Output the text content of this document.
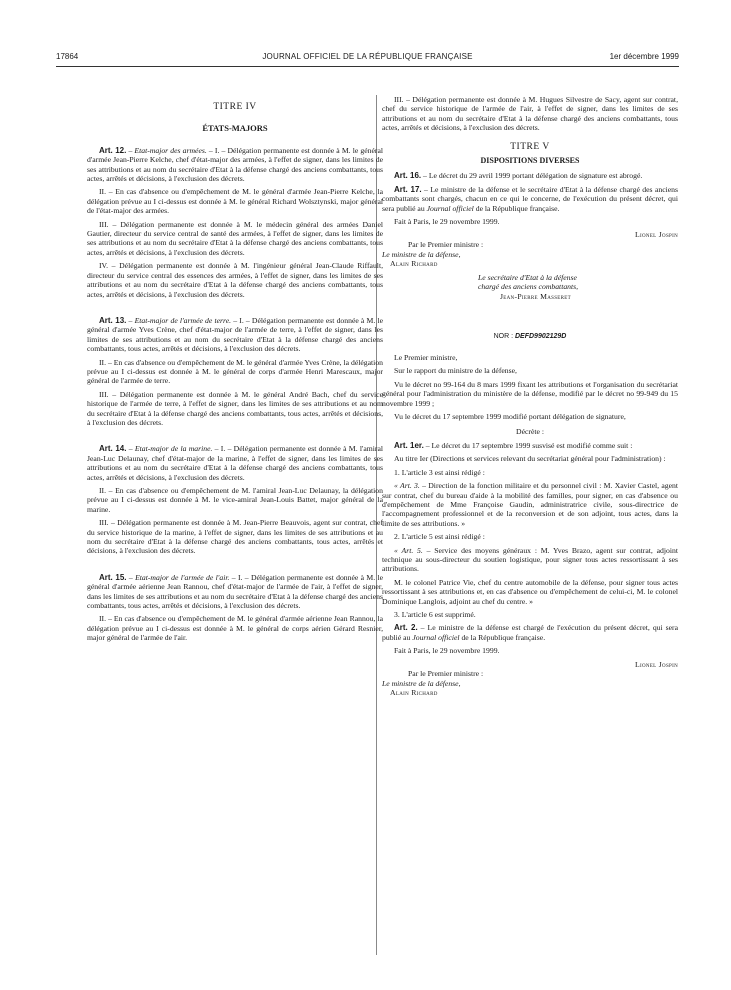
17864	JOURNAL OFFICIEL DE LA RÉPUBLIQUE FRANÇAISE	1er décembre 1999
TITRE IV
ÉTATS-MAJORS

Art. 12. – Etat-major des armées. – I. – Délégation permanente est donnée à M. le général d'armée Jean-Pierre Kelche, chef d'état-major des armées, à l'effet de signer, dans les limites de ses attributions et au nom du secrétaire d'Etat à la défense chargé des anciens combattants, tous actes, arrêtés et décisions, à l'exclusion des décrets.

II. – En cas d'absence ou d'empêchement de M. le général d'armée Jean-Pierre Kelche, la délégation prévue au I ci-dessus est donnée à M. le général Richard Wolsztynski, major général de l'état-major des armées.

III. – Délégation permanente est donnée à M. le médecin général des armées Daniel Gautier, directeur du service central de santé des armées, à l'effet de signer, dans les limites de ses attributions et au nom du secrétaire d'Etat à la défense chargé des anciens combattants, tous actes, arrêtés et décisions, à l'exclusion des décrets.

IV. – Délégation permanente est donnée à M. l'ingénieur général Jean-Claude Riffault, directeur du service central des essences des armées, à l'effet de signer, dans les limites de ses attributions et au nom du secrétaire d'Etat à la défense chargé des anciens combattants, tous actes, arrêtés et décisions, à l'exclusion des décrets.

Art. 13. – Etat-major de l'armée de terre. – I. – Délégation permanente est donnée à M. le général d'armée Yves Crène, chef d'état-major de l'armée de terre, à l'effet de signer, dans les limites de ses attributions et au nom du secrétaire d'Etat à la défense chargé des anciens combattants, tous actes, arrêtés et décisions, à l'exclusion des décrets.

II. – En cas d'absence ou d'empêchement de M. le général d'armée Yves Crène, la délégation prévue au I ci-dessus est donnée à M. le général de corps d'armée Henri Marescaux, major général de l'armée de terre.

III. – Délégation permanente est donnée à M. le général André Bach, chef du service historique de l'armée de terre, à l'effet de signer, dans les limites de ses attributions et au nom du secrétaire d'Etat à la défense chargé des anciens combattants, tous actes, arrêtés et décisions, à l'exclusion des décrets.

Art. 14. – Etat-major de la marine. – I. – Délégation permanente est donnée à M. l'amiral Jean-Luc Delaunay, chef d'état-major de la marine, à l'effet de signer, dans les limites de ses attributions et au nom du secrétaire d'Etat à la défense chargé des anciens combattants, tous actes, arrêtés et décisions, à l'exclusion des décrets.

II. – En cas d'absence ou d'empêchement de M. l'amiral Jean-Luc Delaunay, la délégation prévue au I ci-dessus est donnée à M. le vice-amiral Jean-Louis Battet, major général de la marine.

III. – Délégation permanente est donnée à M. Jean-Pierre Beauvois, agent sur contrat, chef du service historique de la marine, à l'effet de signer, dans les limites de ses attributions et au nom du secrétaire d'Etat à la défense chargé des anciens combattants, tous actes, arrêtés et décisions, à l'exclusion des décrets.

Art. 15. – Etat-major de l'armée de l'air. – I. – Délégation permanente est donnée à M. le général d'armée aérienne Jean Rannou, chef d'état-major de l'armée de l'air, à l'effet de signer, dans les limites de ses attributions et au nom du secrétaire d'Etat à la défense chargé des anciens combattants, tous actes, arrêtés et décisions, à l'exclusion des décrets.

II. – En cas d'absence ou d'empêchement de M. le général d'armée aérienne Jean Rannou, la délégation prévue au I ci-dessus est donnée à M. le général de corps aérien Gérard Resnier, major général de l'armée de l'air.

III. – Délégation permanente est donnée à M. Hugues Silvestre de Sacy, agent sur contrat, chef du service historique de l'armée de l'air, à l'effet de signer, dans les limites de ses attributions et au nom du secrétaire d'Etat à la défense chargé des anciens combattants, tous actes, arrêtés et décisions, à l'exclusion des décrets.

TITRE V
DISPOSITIONS DIVERSES

Art. 16. – Le décret du 29 avril 1999 portant délégation de signature est abrogé.

Art. 17. – Le ministre de la défense et le secrétaire d'Etat à la défense chargé des anciens combattants sont chargés, chacun en ce qui le concerne, de l'exécution du présent décret, qui sera publié au Journal officiel de la République française.

Fait à Paris, le 29 novembre 1999.

Lionel Jospin
Par le Premier ministre :
Le ministre de la défense,
Alain Richard
Le secrétaire d'Etat à la défense
chargé des anciens combattants,
Jean-Pierre Masseret
NOR : DEFD9902129D

Le Premier ministre,

Sur le rapport du ministre de la défense,

Vu le décret no 99-164 du 8 mars 1999 fixant les attributions et l'organisation du secrétariat général pour l'administration du ministère de la défense, modifié par le décret no 99-949 du 15 novembre 1999 ;

Vu le décret du 17 septembre 1999 modifié portant délégation de signature,

Décrète :

Art. 1er. – Le décret du 17 septembre 1999 susvisé est modifié comme suit :

Au titre Ier (Directions et services relevant du secrétariat général pour l'administration) :

1. L'article 3 est ainsi rédigé :

« Art. 3. – Direction de la fonction militaire et du personnel civil : M. Xavier Castel, agent sur contrat, chef du bureau d'aide à la mobilité des familles, pour signer, en cas d'absence ou d'empêchement de Mme Françoise Gaudin, administratrice civile, sous-directrice de l'accompagnement professionnel et de la reconversion et de son adjoint, tous actes, dans la limite de ses attributions. »

2. L'article 5 est ainsi rédigé :

« Art. 5. – Service des moyens généraux : M. Yves Brazo, agent sur contrat, adjoint technique au sous-directeur du soutien logistique, pour signer tous actes ressortissant à ses attributions.

M. le colonel Patrice Vie, chef du centre automobile de la défense, pour signer tous actes ressortissant à ses attributions et, en cas d'absence ou d'empêchement de celui-ci, M. le colonel Dominique Langlois, adjoint au chef du centre. »

3. L'article 6 est supprimé.

Art. 2. – Le ministre de la défense est chargé de l'exécution du présent décret, qui sera publié au Journal officiel de la République française.

Fait à Paris, le 29 novembre 1999.

Lionel Jospin
Par le Premier ministre :
Le ministre de la défense,
Alain Richard
